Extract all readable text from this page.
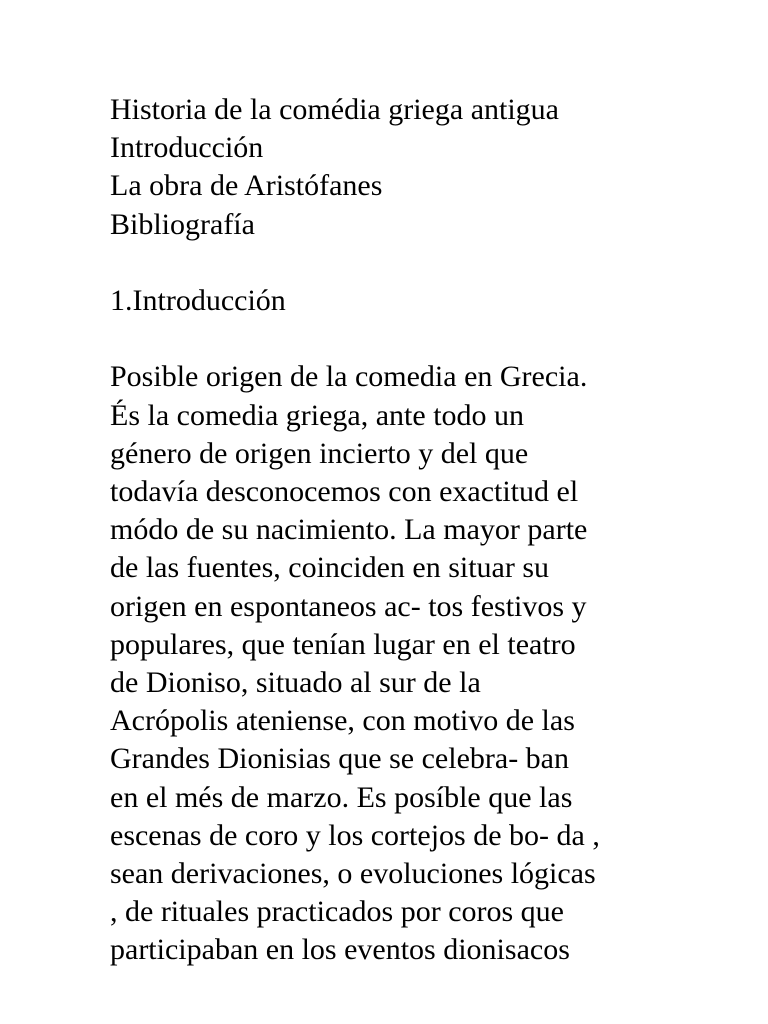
Historia de la comédia griega antigua

Introducción

La obra de Aristófanes

Bibliografía

1.Introducción

Posible origen de la comedia en Grecia.

És la comedia griega, ante todo un

género de origen incierto y del que

todavía desconocemos con exactitud el

módo de su nacimiento. La mayor parte

de las fuentes, coinciden en situar su

origen en espontaneos ac- tos festivos y

populares, que tenían lugar en el teatro

de Dioniso, situado al sur de la

Acrópolis ateniense, con motivo de las

Grandes Dionisias que se celebra- ban

en el més de marzo. Es posíble que las

escenas de coro y los cortejos de bo- da ,

sean derivaciones, o evoluciones lógicas

, de rituales practicados por coros que

participaban en los eventos dionisacos
